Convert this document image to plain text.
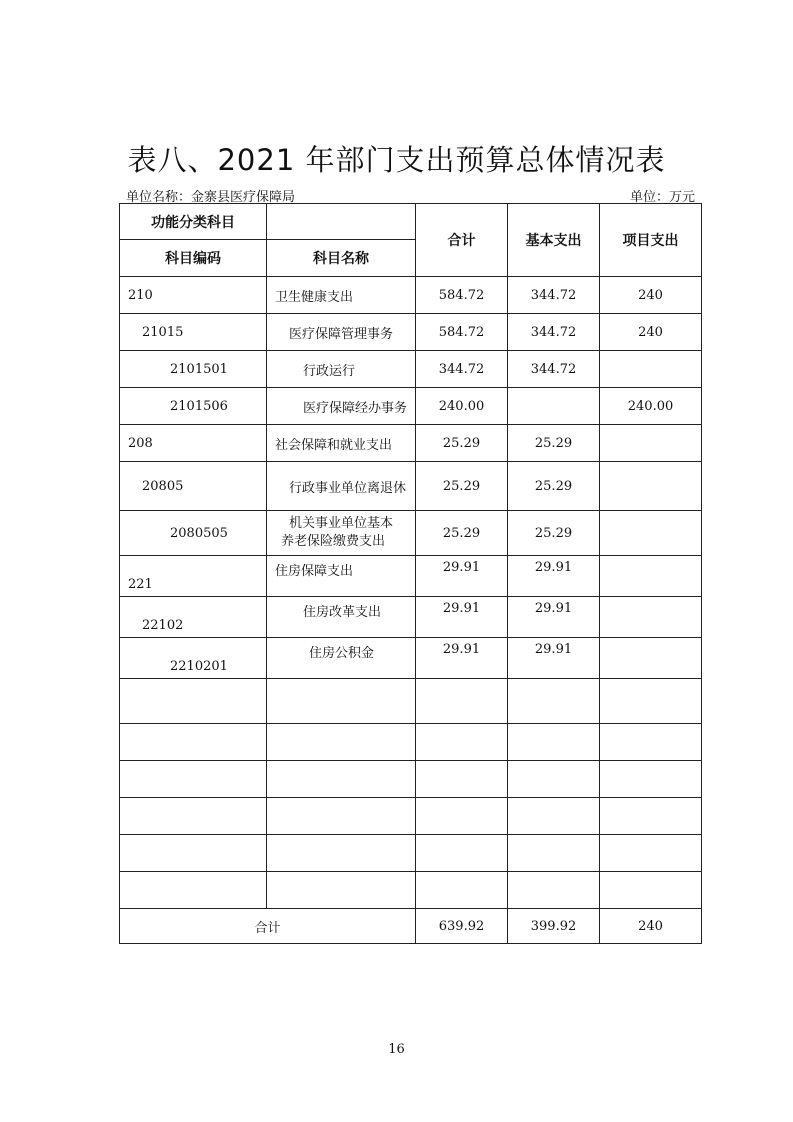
表八、2021 年部门支出预算总体情况表
单位名称：金寨县医疗保障局	单位：万元
功能分类科目		合计	基本支出	项目支出
科目编码	科目名称			
210	卫生健康支出	584.72	344.72	240
21015	医疗保障管理事务	584.72	344.72	240
2101501	行政运行	344.72	344.72	
2101506	医疗保障经办事务	240.00		240.00
208	社会保障和就业支出	25.29	25.29	
20805	行政事业单位离退休	25.29	25.29	
2080505	机关事业单位基本
养老保险缴费支出	25.29	25.29	
221	住房保障支出	29.91	29.91	
22102	住房改革支出	29.91	29.91	
2210201	住房公积金	29.91	29.91	

合计		639.92	399.92	240
16
